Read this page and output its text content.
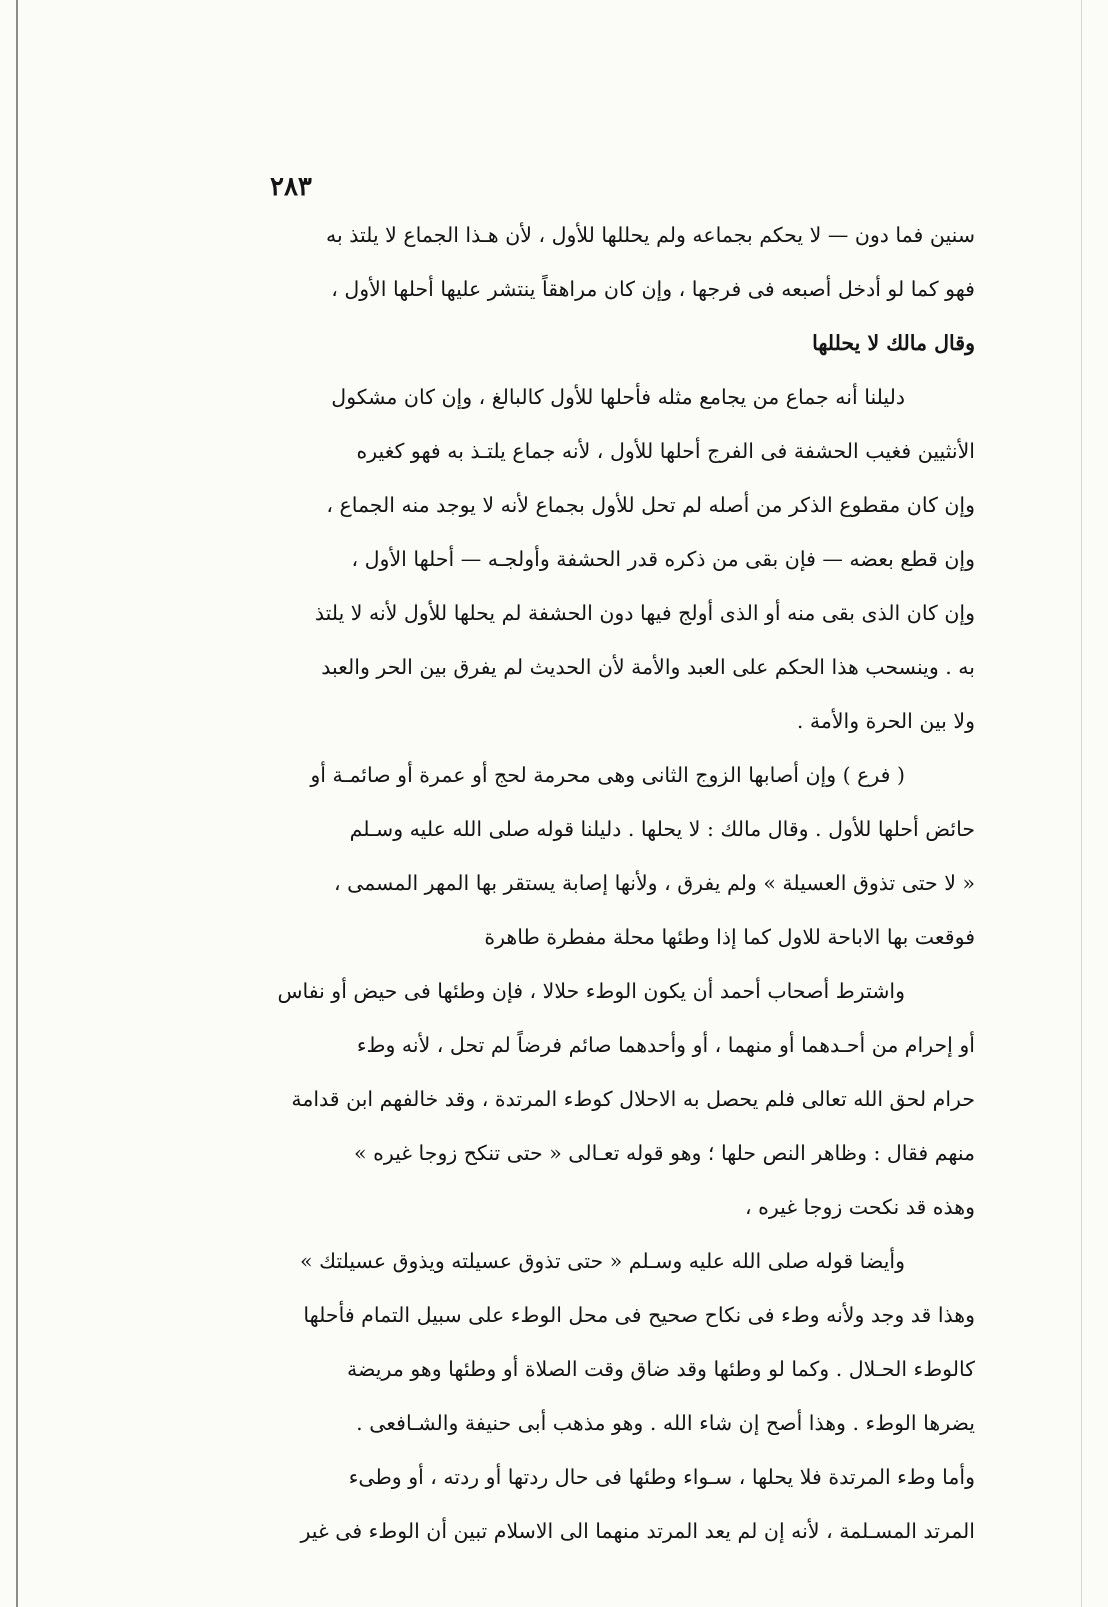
٢٨٣
سنين فما دون — لا يحكم بجماعه ولم يحللها للأول ، لأن هـذا الجماع لا يلتذ به
فهو كما لو أدخل أصبعه فى فرجها ، وإن كان مراهقاً ينتشر عليها أحلها الأول ،
وقال مالك لا يحللها
دليلنا أنه جماع من يجامع مثله فأحلها للأول كالبالغ ، وإن كان مشكول
الأنثيين فغيب الحشفة فى الفرج أحلها للأول ، لأنه جماع يلتـذ به فهو كغيره
وإن كان مقطوع الذكر من أصله لم تحل للأول بجماع لأنه لا يوجد منه الجماع ،
وإن قطع بعضه — فإن بقى من ذكره قدر الحشفة وأولجـه — أحلها الأول ،
وإن كان الذى بقى منه أو الذى أولج فيها دون الحشفة لم يحلها للأول لأنه لا يلتذ
به . وينسحب هذا الحكم على العبد والأمة لأن الحديث لم يفرق بين الحر والعبد
ولا بين الحرة والأمة .
( فرع ) وإن أصابها الزوج الثانى وهى محرمة لحج أو عمرة أو صائمـة أو
حائض أحلها للأول . وقال مالك : لا يحلها . دليلنا قوله صلى الله عليه وسـلم
« لا حتى تذوق العسيلة » ولم يفرق ، ولأنها إصابة يستقر بها المهر المسمى ،
فوقعت بها الاباحة للاول كما إذا وطئها محلة مفطرة طاهرة
واشترط أصحاب أحمد أن يكون الوطء حلالا ، فإن وطئها فى حيض أو نفاس
أو إحرام من أحـدهما أو منهما ، أو وأحدهما صائم فرضاً لم تحل ، لأنه وطء
حرام لحق الله تعالى فلم يحصل به الاحلال كوطء المرتدة ، وقد خالفهم ابن قدامة
منهم فقال : وظاهر النص حلها ؛ وهو قوله تعـالى « حتى تنكح زوجا غيره »
وهذه قد نكحت زوجا غيره ،
وأيضا قوله صلى الله عليه وسـلم « حتى تذوق عسيلته ويذوق عسيلتك »
وهذا قد وجد ولأنه وطء فى نكاح صحيح فى محل الوطء على سبيل التمام فأحلها
كالوطء الحـلال . وكما لو وطئها وقد ضاق وقت الصلاة أو وطئها وهو مريضة
يضرها الوطء . وهذا أصح إن شاء الله . وهو مذهب أبى حنيفة والشـافعى .
وأما وطء المرتدة فلا يحلها ، سـواء وطئها فى حال ردتها أو ردته ، أو وطىء
المرتد المسـلمة ، لأنه إن لم يعد المرتد منهما الى الاسلام تبين أن الوطء فى غير
